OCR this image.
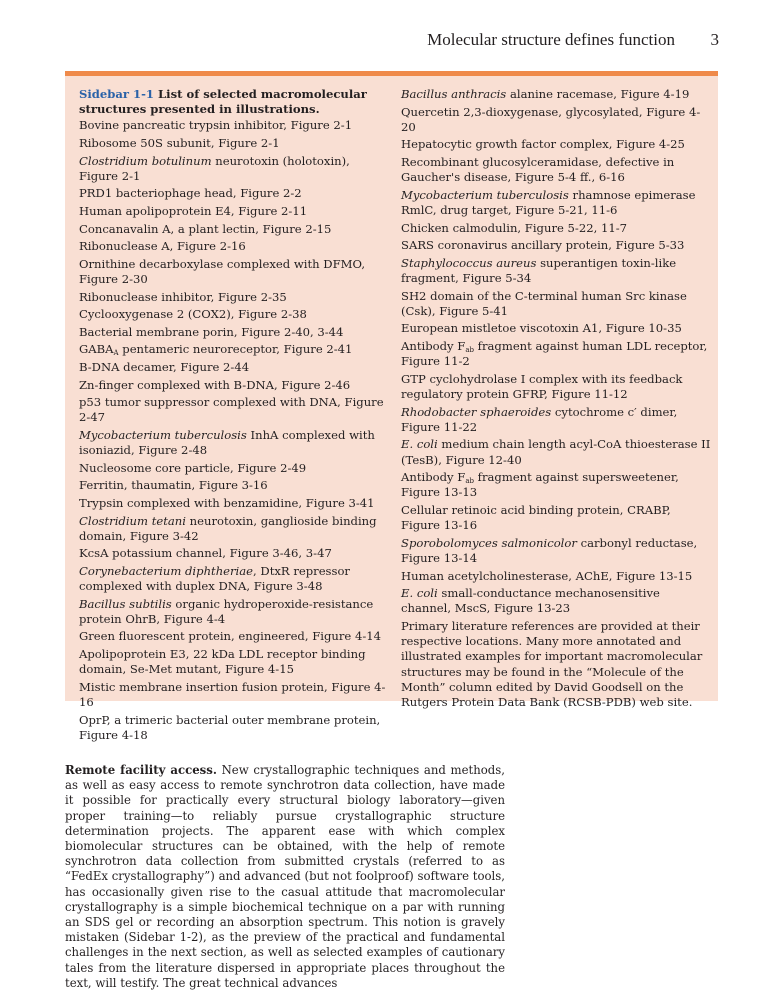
Molecular structure defines function 3
Sidebar 1-1 List of selected macromolecular structures presented in illustrations.
Bovine pancreatic trypsin inhibitor, Figure 2-1
Ribosome 50S subunit, Figure 2-1
Clostridium botulinum neurotoxin (holotoxin), Figure 2-1
PRD1 bacteriophage head, Figure 2-2
Human apolipoprotein E4, Figure 2-11
Concanavalin A, a plant lectin, Figure 2-15
Ribonuclease A, Figure 2-16
Ornithine decarboxylase complexed with DFMO, Figure 2-30
Ribonuclease inhibitor, Figure 2-35
Cyclooxygenase 2 (COX2), Figure 2-38
Bacterial membrane porin, Figure 2-40, 3-44
$GABA_A$ pentameric neuroreceptor, Figure 2-41
B-DNA decamer, Figure 2-44
Zn-finger complexed with B-DNA, Figure 2-46
p53 tumor suppressor complexed with DNA, Figure 2-47
Mycobacterium tuberculosis InhA complexed with isoniazid, Figure 2-48
Nucleosome core particle, Figure 2-49
Ferritin, thaumatin, Figure 3-16
Trypsin complexed with benzamidine, Figure 3-41
Clostridium tetani neurotoxin, ganglioside binding domain, Figure 3-42
KcsA potassium channel, Figure 3-46, 3-47
Corynebacterium diphtheriae, DtxR repressor complexed with duplex DNA, Figure 3-48
Bacillus subtilis organic hydroperoxide-resistance protein OhrB, Figure 4-4
Green fluorescent protein, engineered, Figure 4-14
Apolipoprotein E3, 22 kDa LDL receptor binding domain, Se-Met mutant, Figure 4-15
Mistic membrane insertion fusion protein, Figure 4-16
OprP, a trimeric bacterial outer membrane protein, Figure 4-18
Bacillus anthracis alanine racemase, Figure 4-19
Quercetin 2,3-dioxygenase, glycosylated, Figure 4-20
Hepatocytic growth factor complex, Figure 4-25
Recombinant glucosylceramidase, defective in Gaucher's disease, Figure 5-4 ff., 6-16
Mycobacterium tuberculosis rhamnose epimerase RmlC, drug target, Figure 5-21, 11-6
Chicken calmodulin, Figure 5-22, 11-7
SARS coronavirus ancillary protein, Figure 5-33
Staphylococcus aureus superantigen toxin-like fragment, Figure 5-34
SH2 domain of the C-terminal human Src kinase (Csk), Figure 5-41
European mistletoe viscotoxin A1, Figure 10-35
Antibody $F_{ab}$ fragment against human LDL receptor, Figure 11-2
GTP cyclohydrolase I complex with its feedback regulatory protein GFRP, Figure 11-12
Rhodobacter sphaeroides cytochrome c′ dimer, Figure 11-22
E. coli medium chain length acyl-CoA thioesterase II (TesB), Figure 12-40
Antibody $F_{ab}$ fragment against supersweetener, Figure 13-13
Cellular retinoic acid binding protein, CRABP, Figure 13-16
Sporobolomyces salmonicolor carbonyl reductase, Figure 13-14
Human acetylcholinesterase, AChE, Figure 13-15
E. coli small-conductance mechanosensitive channel, MscS, Figure 13-23
Primary literature references are provided at their respective locations. Many more annotated and illustrated examples for important macromolecular structures may be found in the “Molecule of the Month” column edited by David Goodsell on the Rutgers Protein Data Bank (RCSB-PDB) web site.
Remote facility access. New crystallographic techniques and methods, as well as easy access to remote synchrotron data collection, have made it possible for practically every structural biology laboratory—given proper training—to reliably pursue crystallographic structure determination projects. The apparent ease with which complex biomolecular structures can be obtained, with the help of remote synchrotron data collection from submitted crystals (referred to as “FedEx crystallography”) and advanced (but not foolproof) software tools, has occasionally given rise to the casual attitude that macromolecular crystallography is a simple biochemical technique on a par with running an SDS gel or recording an absorption spectrum. This notion is gravely mistaken (Sidebar 1-2), as the preview of the practical and fundamental challenges in the next section, as well as selected examples of cautionary tales from the literature dispersed in appropriate places throughout the text, will testify. The great technical advances
